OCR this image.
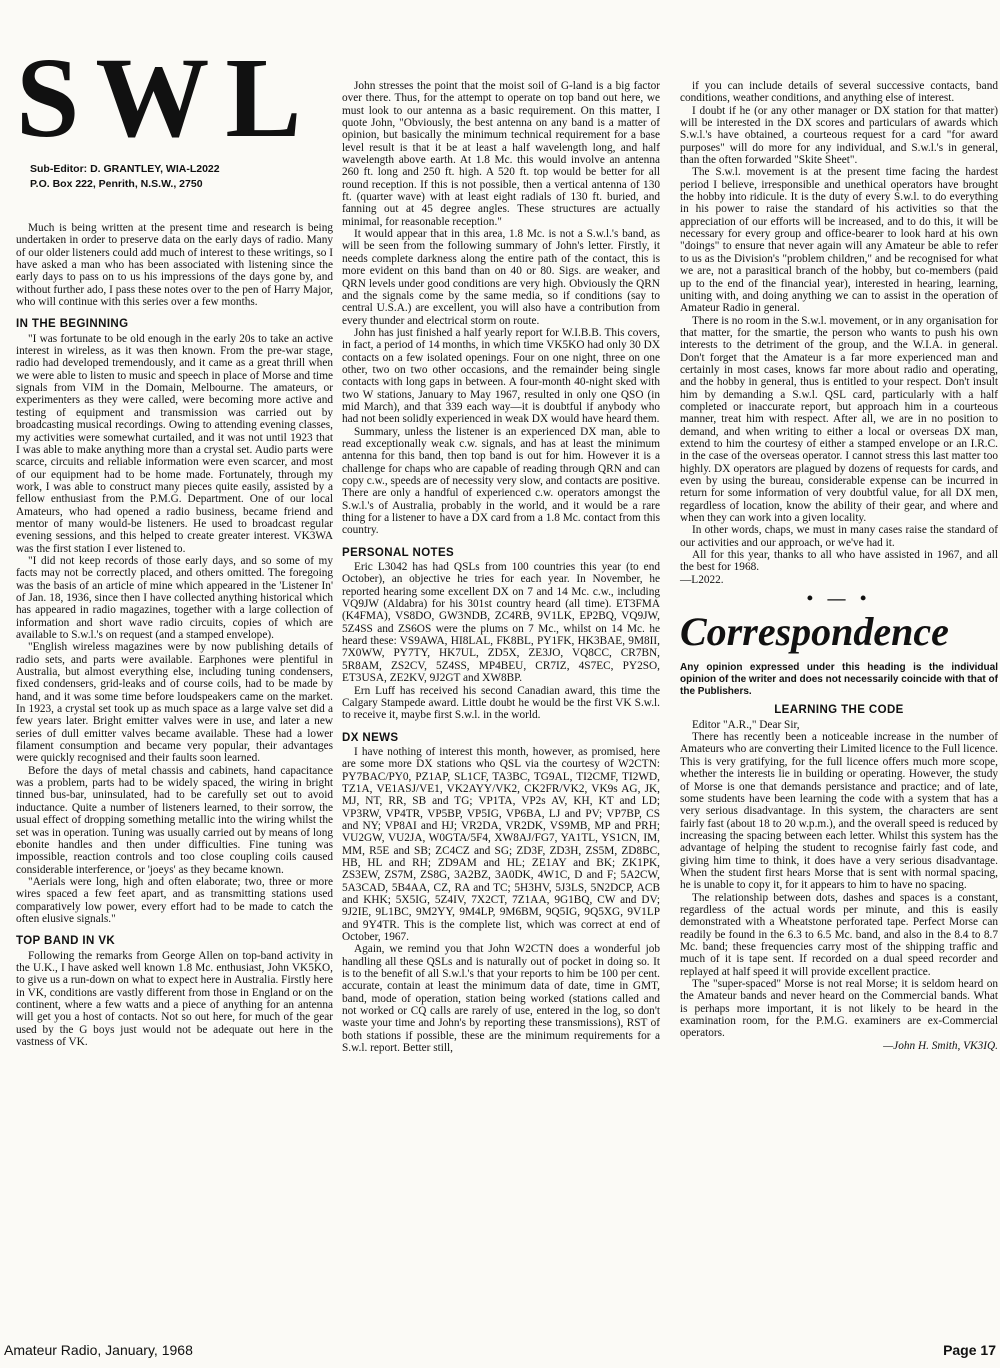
SWL
Sub-Editor: D. GRANTLEY, WIA-L2022
P.O. Box 222, Penrith, N.S.W., 2750

Much is being written at the present time and research is being undertaken in order to preserve data on the early days of radio. Many of our older listeners could add much of interest to these writings, so I have asked a man who has been associated with listening since the early days to pass on to us his impressions of the days gone by, and without further ado, I pass these notes over to the pen of Harry Major, who will continue with this series over a few months.

IN THE BEGINNING

"I was fortunate to be old enough in the early 20s to take an active interest in wireless, as it was then known. From the pre-war stage, radio had developed tremendously, and it came as a great thrill when we were able to listen to music and speech in place of Morse and time signals from VIM in the Domain, Melbourne. The amateurs, or experimenters as they were called, were becoming more active and testing of equipment and transmission was carried out by broadcasting musical recordings. Owing to attending evening classes, my activities were somewhat curtailed, and it was not until 1923 that I was able to make anything more than a crystal set. Audio parts were scarce, circuits and reliable information were even scarcer, and most of our equipment had to be home made. Fortunately, through my work, I was able to construct many pieces quite easily, assisted by a fellow enthusiast from the P.M.G. Department. One of our local Amateurs, who had opened a radio business, became friend and mentor of many would-be listeners. He used to broadcast regular evening sessions, and this helped to create greater interest. VK3WA was the first station I ever listened to.

"I did not keep records of those early days, and so some of my facts may not be correctly placed, and others omitted. The foregoing was the basis of an article of mine which appeared in the 'Listener In' of Jan. 18, 1936, since then I have collected anything historical which has appeared in radio magazines, together with a large collection of information and short wave radio circuits, copies of which are available to S.w.l.'s on request (and a stamped envelope).

"English wireless magazines were by now publishing details of radio sets, and parts were available. Earphones were plentiful in Australia, but almost everything else, including tuning condensers, fixed condensers, grid-leaks and of course coils, had to be made by hand, and it was some time before loudspeakers came on the market. In 1923, a crystal set took up as much space as a large valve set did a few years later. Bright emitter valves were in use, and later a new series of dull emitter valves became available. These had a lower filament consumption and became very popular, their advantages were quickly recognised and their faults soon learned.

Before the days of metal chassis and cabinets, hand capacitance was a problem, parts had to be widely spaced, the wiring in bright tinned bus-bar, uninsulated, had to be carefully set out to avoid inductance. Quite a number of listeners learned, to their sorrow, the usual effect of dropping something metallic into the wiring whilst the set was in operation. Tuning was usually carried out by means of long ebonite handles and then under difficulties. Fine tuning was impossible, reaction controls and too close coupling coils caused considerable interference, or 'joeys' as they became known.

"Aerials were long, high and often elaborate; two, three or more wires spaced a few feet apart, and as transmitting stations used comparatively low power, every effort had to be made to catch the often elusive signals."

TOP BAND IN VK

Following the remarks from George Allen on top-band activity in the U.K., I have asked well known 1.8 Mc. enthusiast, John VK5KO, to give us a run-down on what to expect here in Australia. Firstly here in VK, conditions are vastly different from those in England or on the continent, where a few watts and a piece of anything for an antenna will get you a host of contacts. Not so out here, for much of the gear used by the G boys just would not be adequate out here in the vastness of VK.

John stresses the point that the moist soil of G-land is a big factor over there. Thus, for the attempt to operate on top band out here, we must look to our antenna as a basic requirement. On this matter, I quote John, "Obviously, the best antenna on any band is a matter of opinion, but basically the minimum technical requirement for a base level result is that it be at least a half wavelength long, and half wavelength above earth. At 1.8 Mc. this would involve an antenna 260 ft. long and 250 ft. high. A 520 ft. top would be better for all round reception. If this is not possible, then a vertical antenna of 130 ft. (quarter wave) with at least eight radials of 130 ft. buried, and fanning out at 45 degree angles. These structures are actually minimal, for reasonable reception."

It would appear that in this area, 1.8 Mc. is not a S.w.l.'s band, as will be seen from the following summary of John's letter. Firstly, it needs complete darkness along the entire path of the contact, this is more evident on this band than on 40 or 80. Sigs. are weaker, and QRN levels under good conditions are very high. Obviously the QRN and the signals come by the same media, so if conditions (say to central U.S.A.) are excellent, you will also have a contribution from every thunder and electrical storm on route.

John has just finished a half yearly report for W.I.B.B. This covers, in fact, a period of 14 months, in which time VK5KO had only 30 DX contacts on a few isolated openings. Four on one night, three on one other, two on two other occasions, and the remainder being single contacts with long gaps in between. A four-month 40-night sked with two W stations, January to May 1967, resulted in only one QSO (in mid March), and that 339 each way—it is doubtful if anybody who had not been solidly experienced in weak DX would have heard them.

Summary, unless the listener is an experienced DX man, able to read exceptionally weak c.w. signals, and has at least the minimum antenna for this band, then top band is out for him. However it is a challenge for chaps who are capable of reading through QRN and can copy c.w., speeds are of necessity very slow, and contacts are positive. There are only a handful of experienced c.w. operators amongst the S.w.l.'s of Australia, probably in the world, and it would be a rare thing for a listener to have a DX card from a 1.8 Mc. contact from this country.

PERSONAL NOTES

Eric L3042 has had QSLs from 100 countries this year (to end October), an objective he tries for each year. In November, he reported hearing some excellent DX on 7 and 14 Mc. c.w., including VQ9JW (Aldabra) for his 301st country heard (all time). ET3FMA (K4FMA), VS8DO, GW3NDB, ZC4RB, 9V1LK, EP2BQ, VQ9JW, 5Z4SS and ZS6OS were the plums on 7 Mc., whilst on 14 Mc. he heard these: VS9AWA, HI8LAL, FK8BL, PY1FK, HK3BAE, 9M8II, 7X0WW, PY7TY, HK7UL, ZD5X, ZE3JO, VQ8CC, CR7BN, 5R8AM, ZS2CV, 5Z4SS, MP4BEU, CR7IZ, 4S7EC, PY2SO, ET3USA, ZE2KV, 9J2GT and XW8BP.

Ern Luff has received his second Canadian award, this time the Calgary Stampede award. Little doubt he would be the first VK S.w.l. to receive it, maybe first S.w.l. in the world.

DX NEWS

I have nothing of interest this month, however, as promised, here are some more DX stations who QSL via the courtesy of W2CTN: PY7BAC/PY0, PZ1AP, SL1CF, TA3BC, TG9AL, TI2CMF, TI2WD, TZ1A, VE1ASJ/VE1, VK2AYY/VK2, CK2FR/VK2, VK9s AG, JK, MJ, NT, RR, SB and TG; VP1TA, VP2s AV, KH, KT and LD; VP3RW, VP4TR, VP5BP, VP5IG, VP6BA, LJ and PV; VP7BP, CS and NY; VP8AI and HJ; VR2DA, VR2DK, VS9MB, MP and PRH; VU2GW, VU2JA, W0GTA/5F4, XW8AJ/FG7, YA1TL, YS1CN, IM, MM, R5E and SB; ZC4CZ and SG; ZD3F, ZD3H, ZS5M, ZD8BC, HB, HL and RH; ZD9AM and HL; ZE1AY and BK; ZK1PK, ZS3EW, ZS7M, ZS8G, 3A2BZ, 3A0DK, 4W1C, D and F; 5A2CW, 5A3CAD, 5B4AA, CZ, RA and TC; 5H3HV, 5J3LS, 5N2DCP, ACB and KHK; 5X5IG, 5Z4IV, 7X2CT, 7Z1AA, 9G1BQ, CW and DV; 9J2IE, 9L1BC, 9M2YY, 9M4LP, 9M6BM, 9Q5IG, 9Q5XG, 9V1LP and 9Y4TR. This is the complete list, which was correct at end of October, 1967.

Again, we remind you that John W2CTN does a wonderful job handling all these QSLs and is naturally out of pocket in doing so. It is to the benefit of all S.w.l.'s that your reports to him be 100 per cent. accurate, contain at least the minimum data of date, time in GMT, band, mode of operation, station being worked (stations called and not worked or CQ calls are rarely of use, entered in the log, so don't waste your time and John's by reporting these transmissions), RST of both stations if possible, these are the minimum requirements for a S.w.l. report. Better still,

if you can include details of several successive contacts, band conditions, weather conditions, and anything else of interest.

I doubt if he (or any other manager or DX station for that matter) will be interested in the DX scores and particulars of awards which S.w.l.'s have obtained, a courteous request for a card "for award purposes" will do more for any individual, and S.w.l.'s in general, than the often forwarded "Skite Sheet".

The S.w.l. movement is at the present time facing the hardest period I believe, irresponsible and unethical operators have brought the hobby into ridicule. It is the duty of every S.w.l. to do everything in his power to raise the standard of his activities so that the appreciation of our efforts will be increased, and to do this, it will be necessary for every group and office-bearer to look hard at his own "doings" to ensure that never again will any Amateur be able to refer to us as the Division's "problem children," and be recognised for what we are, not a parasitical branch of the hobby, but co-members (paid up to the end of the financial year), interested in hearing, learning, uniting with, and doing anything we can to assist in the operation of Amateur Radio in general.

There is no room in the S.w.l. movement, or in any organisation for that matter, for the smartie, the person who wants to push his own interests to the detriment of the group, and the W.I.A. in general. Don't forget that the Amateur is a far more experienced man and certainly in most cases, knows far more about radio and operating, and the hobby in general, thus is entitled to your respect. Don't insult him by demanding a S.w.l. QSL card, particularly with a half completed or inaccurate report, but approach him in a courteous manner, treat him with respect. After all, we are in no position to demand, and when writing to either a local or overseas DX man, extend to him the courtesy of either a stamped envelope or an I.R.C. in the case of the overseas operator. I cannot stress this last matter too highly. DX operators are plagued by dozens of requests for cards, and even by using the bureau, considerable expense can be incurred in return for some information of very doubtful value, for all DX men, regardless of location, know the ability of their gear, and where and when they can work into a given locality.

In other words, chaps, we must in many cases raise the standard of our activities and our approach, or we've had it.

All for this year, thanks to all who have assisted in 1967, and all the best for 1968.

—L2022.

• — •
Correspondence
Any opinion expressed under this heading is the individual opinion of the writer and does not necessarily coincide with that of the Publishers.
LEARNING THE CODE

Editor "A.R.," Dear Sir,

There has recently been a noticeable increase in the number of Amateurs who are converting their Limited licence to the Full licence. This is very gratifying, for the full licence offers much more scope, whether the interests lie in building or operating. However, the study of Morse is one that demands persistance and practice; and of late, some students have been learning the code with a system that has a very serious disadvantage. In this system, the characters are sent fairly fast (about 18 to 20 w.p.m.), and the overall speed is reduced by increasing the spacing between each letter. Whilst this system has the advantage of helping the student to recognise fairly fast code, and giving him time to think, it does have a very serious disadvantage. When the student first hears Morse that is sent with normal spacing, he is unable to copy it, for it appears to him to have no spacing.

The relationship between dots, dashes and spaces is a constant, regardless of the actual words per minute, and this is easily demonstrated with a Wheatstone perforated tape. Perfect Morse can readily be found in the 6.3 to 6.5 Mc. band, and also in the 8.4 to 8.7 Mc. band; these frequencies carry most of the shipping traffic and much of it is tape sent. If recorded on a dual speed recorder and replayed at half speed it will provide excellent practice.

The "super-spaced" Morse is not real Morse; it is seldom heard on the Amateur bands and never heard on the Commercial bands. What is perhaps more important, it is not likely to be heard in the examination room, for the P.M.G. examiners are ex-Commercial operators.

—John H. Smith, VK3IQ.

Amateur Radio, January, 1968	Page 17
